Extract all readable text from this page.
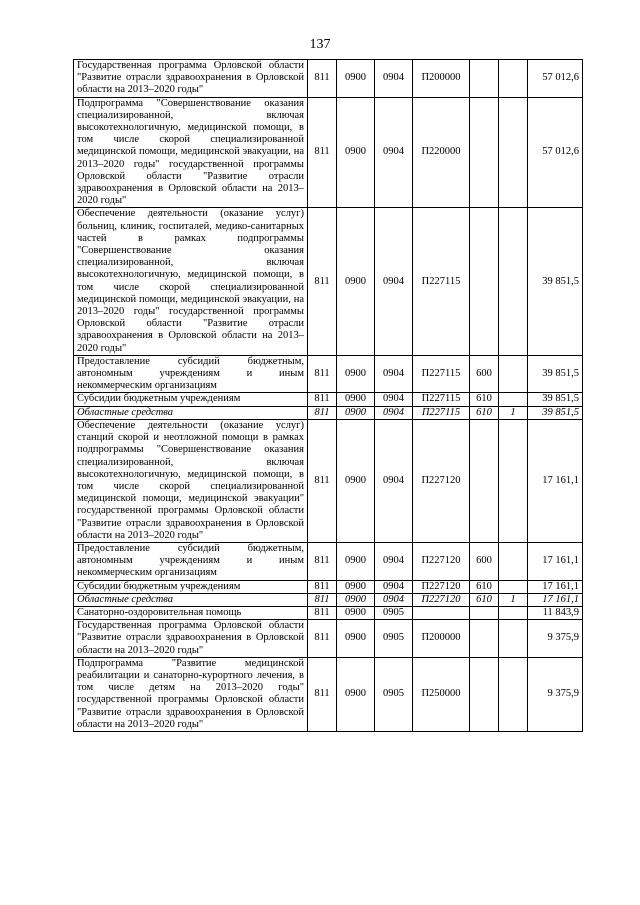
137
Государственная программа Орловской области "Развитие отрасли здравоохранения в Орловской области на 2013–2020 годы"	811	0900	0904	П200000			57 012,6
Подпрограмма "Совершенствование оказания специализированной, включая высокотехнологичную, медицинской помощи, в том числе скорой специализированной медицинской помощи, медицинской эвакуации, на 2013–2020 годы" государственной программы Орловской области "Развитие отрасли здравоохранения в Орловской области на 2013–2020 годы"	811	0900	0904	П220000			57 012,6
Обеспечение деятельности (оказание услуг) больниц, клиник, госпиталей, медико-санитарных частей в рамках подпрограммы "Совершенствование оказания специализированной, включая высокотехнологичную, медицинской помощи, в том числе скорой специализированной медицинской помощи, медицинской эвакуации, на 2013–2020 годы" государственной программы Орловской области "Развитие отрасли здравоохранения в Орловской области на 2013–2020 годы"	811	0900	0904	П227115			39 851,5
Предоставление субсидий бюджетным, автономным учреждениям и иным некоммерческим организациям	811	0900	0904	П227115	600		39 851,5
Субсидии бюджетным учреждениям	811	0900	0904	П227115	610		39 851,5
Областные средства	811	0900	0904	П227115	610	1	39 851,5
Обеспечение деятельности (оказание услуг) станций скорой и неотложной помощи в рамках подпрограммы "Совершенствование оказания специализированной, включая высокотехнологичную, медицинской помощи, в том числе скорой специализированной медицинской помощи, медицинской эвакуации" государственной программы Орловской области "Развитие отрасли здравоохранения в Орловской области на 2013–2020 годы"	811	0900	0904	П227120			17 161,1
Предоставление субсидий бюджетным, автономным учреждениям и иным некоммерческим организациям	811	0900	0904	П227120	600		17 161,1
Субсидии бюджетным учреждениям	811	0900	0904	П227120	610		17 161,1
Областные средства	811	0900	0904	П227120	610	1	17 161,1
Санаторно-оздоровительная помощь	811	0900	0905				11 843,9
Государственная программа Орловской области "Развитие отрасли здравоохранения в Орловской области на 2013–2020 годы"	811	0900	0905	П200000			9 375,9
Подпрограмма "Развитие медицинской реабилитации и санаторно-курортного лечения, в том числе детям на 2013–2020 годы" государственной программы Орловской области "Развитие отрасли здравоохранения в Орловской области на 2013–2020 годы"	811	0900	0905	П250000			9 375,9
